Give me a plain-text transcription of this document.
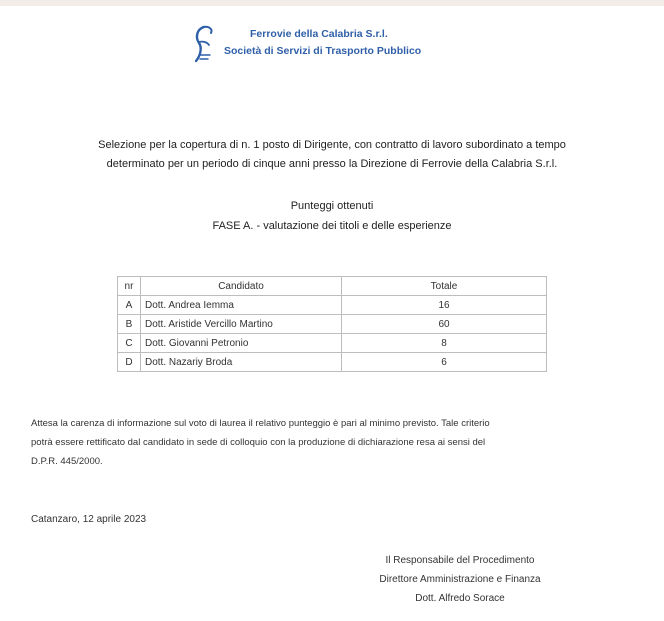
Ferrovie della Calabria S.r.l.
Società di Servizi di Trasporto Pubblico
Selezione per la copertura di n. 1 posto di Dirigente, con contratto di lavoro subordinato a tempo
determinato per un periodo di cinque anni presso la Direzione di Ferrovie della Calabria S.r.l.
Punteggi ottenuti
FASE A. - valutazione dei titoli e delle esperienze
nr	Candidato	Totale
A	Dott. Andrea Iemma	16
B	Dott. Aristide Vercillo Martino	60
C	Dott. Giovanni Petronio	8
D	Dott. Nazariy Broda	6
Attesa la carenza di informazione sul voto di laurea il relativo punteggio è pari al minimo previsto. Tale criterio
potrà essere rettificato dal candidato in sede di colloquio con la produzione di dichiarazione resa ai sensi del
D.P.R. 445/2000.
Catanzaro, 12 aprile 2023
Il Responsabile del Procedimento
Direttore Amministrazione e Finanza
Dott. Alfredo Sorace
